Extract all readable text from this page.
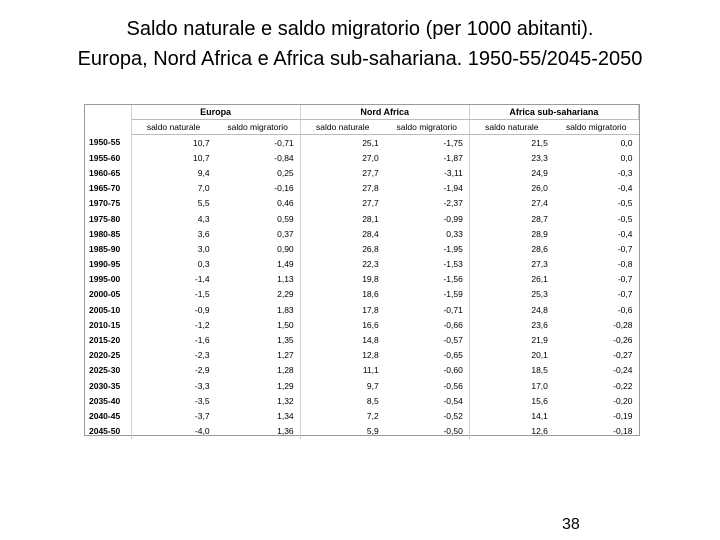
Saldo naturale e saldo migratorio (per 1000 abitanti).
Europa, Nord Africa e Africa sub-sahariana. 1950-55/2045-2050
	Europa		Nord Africa		Africa sub-sahariana	
	saldo naturale	saldo migratorio	saldo naturale	saldo migratorio	saldo naturale	saldo migratorio
1950-55	10,7	-0,71	25,1	-1,75	21,5	0,0
1955-60	10,7	-0,84	27,0	-1,87	23,3	0,0
1960-65	9,4	0,25	27,7	-3,11	24,9	-0,3
1965-70	7,0	-0,16	27,8	-1,94	26,0	-0,4
1970-75	5,5	0,46	27,7	-2,37	27,4	-0,5
1975-80	4,3	0,59	28,1	-0,99	28,7	-0,5
1980-85	3,6	0,37	28,4	0,33	28,9	-0,4
1985-90	3,0	0,90	26,8	-1,95	28,6	-0,7
1990-95	0,3	1,49	22,3	-1,53	27,3	-0,8
1995-00	-1,4	1,13	19,8	-1,56	26,1	-0,7
2000-05	-1,5	2,29	18,6	-1,59	25,3	-0,7
2005-10	-0,9	1,83	17,8	-0,71	24,8	-0,6
2010-15	-1,2	1,50	16,6	-0,66	23,6	-0,28
2015-20	-1,6	1,35	14,8	-0,57	21,9	-0,26
2020-25	-2,3	1,27	12,8	-0,65	20,1	-0,27
2025-30	-2,9	1,28	11,1	-0,60	18,5	-0,24
2030-35	-3,3	1,29	9,7	-0,56	17,0	-0,22
2035-40	-3,5	1,32	8,5	-0,54	15,6	-0,20
2040-45	-3,7	1,34	7,2	-0,52	14,1	-0,19
2045-50	-4,0	1,36	5,9	-0,50	12,6	-0,18
38
